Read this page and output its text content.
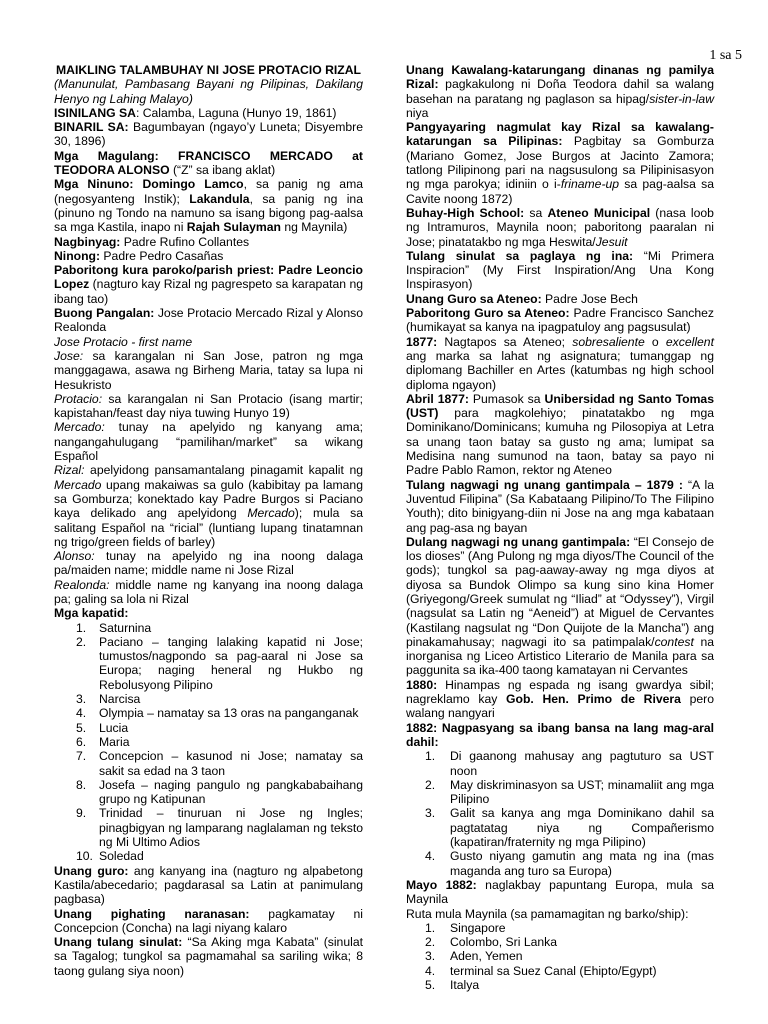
1 sa 5

MAIKLING TALAMBUHAY NI JOSE PROTACIO RIZAL

(Manunulat, Pambasang Bayani ng Pilipinas, Dakilang Henyo ng Lahing Malayo)

ISINILANG SA: Calamba, Laguna (Hunyo 19, 1861)

BINARIL SA: Bagumbayan (ngayo’y Luneta; Disyembre 30, 1896)

Mga Magulang: FRANCISCO MERCADO at TEODORA ALONSO (“Z” sa ibang aklat)

Mga Ninuno: Domingo Lamco, sa panig ng ama (negosyanteng Instik); Lakandula, sa panig ng ina (pinuno ng Tondo na namuno sa isang bigong pag-aalsa sa mga Kastila, inapo ni Rajah Sulayman ng Maynila)

Nagbinyag: Padre Rufino Collantes

Ninong: Padre Pedro Casañas

Paboritong kura paroko/parish priest: Padre Leoncio Lopez (nagturo kay Rizal ng pagrespeto sa karapatan ng ibang tao)

Buong Pangalan: Jose Protacio Mercado Rizal y Alonso Realonda

Jose Protacio - first name

Jose: sa karangalan ni San Jose, patron ng mga manggagawa, asawa ng Birheng Maria, tatay sa lupa ni Hesukristo

Protacio: sa karangalan ni San Protacio (isang martir; kapistahan/feast day niya tuwing Hunyo 19)

Mercado: tunay na apelyido ng kanyang ama; nangangahulugang “pamilihan/market” sa wikang Español

Rizal: apelyidong pansamantalang pinagamit kapalit ng Mercado upang makaiwas sa gulo (kabibitay pa lamang sa Gomburza; konektado kay Padre Burgos si Paciano kaya delikado ang apelyidong Mercado); mula sa salitang Español na “ricial” (luntiang lupang tinatamnan ng trigo/green fields of barley)

Alonso: tunay na apelyido ng ina noong dalaga pa/maiden name; middle name ni Jose Rizal

Realonda: middle name ng kanyang ina noong dalaga pa; galing sa lola ni Rizal

Mga kapatid:

1. Saturnina
2. Paciano – tanging lalaking kapatid ni Jose; tumustos/nagpondo sa pag-aaral ni Jose sa Europa; naging heneral ng Hukbo ng Rebolusyong Pilipino
3. Narcisa
4. Olympia – namatay sa 13 oras na panganganak
5. Lucia
6. Maria
7. Concepcion – kasunod ni Jose; namatay sa sakit sa edad na 3 taon
8. Josefa – naging pangulo ng pangkababaihang grupo ng Katipunan
9. Trinidad – tinuruan ni Jose ng Ingles; pinagbigyan ng lamparang naglalaman ng teksto ng Mi Ultimo Adios
10. Soledad

Unang guro: ang kanyang ina (nagturo ng alpabetong Kastila/abecedario; pagdarasal sa Latin at panimulang pagbasa)

Unang pighating naranasan: pagkamatay ni Concepcion (Concha) na lagi niyang kalaro

Unang tulang sinulat: “Sa Aking mga Kabata” (sinulat sa Tagalog; tungkol sa pagmamahal sa sariling wika; 8 taong gulang siya noon)

Unang Kawalang-katarungang dinanas ng pamilya Rizal: pagkakulong ni Doña Teodora dahil sa walang basehan na paratang ng paglason sa hipag/sister-in-law niya

Pangyayaring nagmulat kay Rizal sa kawalang-katarungan sa Pilipinas: Pagbitay sa Gomburza (Mariano Gomez, Jose Burgos at Jacinto Zamora; tatlong Pilipinong pari na nagsusulong sa Pilipinisasyon ng mga parokya; idiniin o i-friname-up sa pag-aalsa sa Cavite noong 1872)

Buhay-High School: sa Ateneo Municipal (nasa loob ng Intramuros, Maynila noon; paboritong paaralan ni Jose; pinatatakbo ng mga Heswita/Jesuit

Tulang sinulat sa paglaya ng ina: “Mi Primera Inspiracion” (My First Inspiration/Ang Una Kong Inspirasyon)

Unang Guro sa Ateneo: Padre Jose Bech

Paboritong Guro sa Ateneo: Padre Francisco Sanchez (humikayat sa kanya na ipagpatuloy ang pagsusulat)

1877: Nagtapos sa Ateneo; sobresaliente o excellent ang marka sa lahat ng asignatura; tumanggap ng diplomang Bachiller en Artes (katumbas ng high school diploma ngayon)

Abril 1877: Pumasok sa Unibersidad ng Santo Tomas (UST) para magkolehiyo; pinatatakbo ng mga Dominikano/Dominicans; kumuha ng Pilosopiya at Letra sa unang taon batay sa gusto ng ama; lumipat sa Medisina nang sumunod na taon, batay sa payo ni Padre Pablo Ramon, rektor ng Ateneo

Tulang nagwagi ng unang gantimpala – 1879 : “A la Juventud Filipina” (Sa Kabataang Pilipino/To The Filipino Youth); dito binigyang-diin ni Jose na ang mga kabataan ang pag-asa ng bayan

Dulang nagwagi ng unang gantimpala: “El Consejo de los dioses” (Ang Pulong ng mga diyos/The Council of the gods); tungkol sa pag-aaway-away ng mga diyos at diyosa sa Bundok Olimpo sa kung sino kina Homer (Griyegong/Greek sumulat ng “Iliad” at “Odyssey”), Virgil (nagsulat sa Latin ng “Aeneid”) at Miguel de Cervantes (Kastilang nagsulat ng “Don Quijote de la Mancha”) ang pinakamahusay; nagwagi ito sa patimpalak/contest na inorganisa ng Liceo Artistico Literario de Manila para sa paggunita sa ika-400 taong kamatayan ni Cervantes

1880: Hinampas ng espada ng isang gwardya sibil; nagreklamo kay Gob. Hen. Primo de Rivera pero walang nangyari

1882: Nagpasyang sa ibang bansa na lang mag-aral dahil:

1. Di gaanong mahusay ang pagtuturo sa UST noon
2. May diskriminasyon sa UST; minamaliit ang mga Pilipino
3. Galit sa kanya ang mga Dominikano dahil sa pagtatatag niya ng Compañerismo (kapatiran/fraternity ng mga Pilipino)
4. Gusto niyang gamutin ang mata ng ina (mas maganda ang turo sa Europa)

Mayo 1882: naglakbay papuntang Europa, mula sa Maynila

Ruta mula Maynila (sa pamamagitan ng barko/ship):

1. Singapore
2. Colombo, Sri Lanka
3. Aden, Yemen
4. terminal sa Suez Canal (Ehipto/Egypt)
5. Italya
